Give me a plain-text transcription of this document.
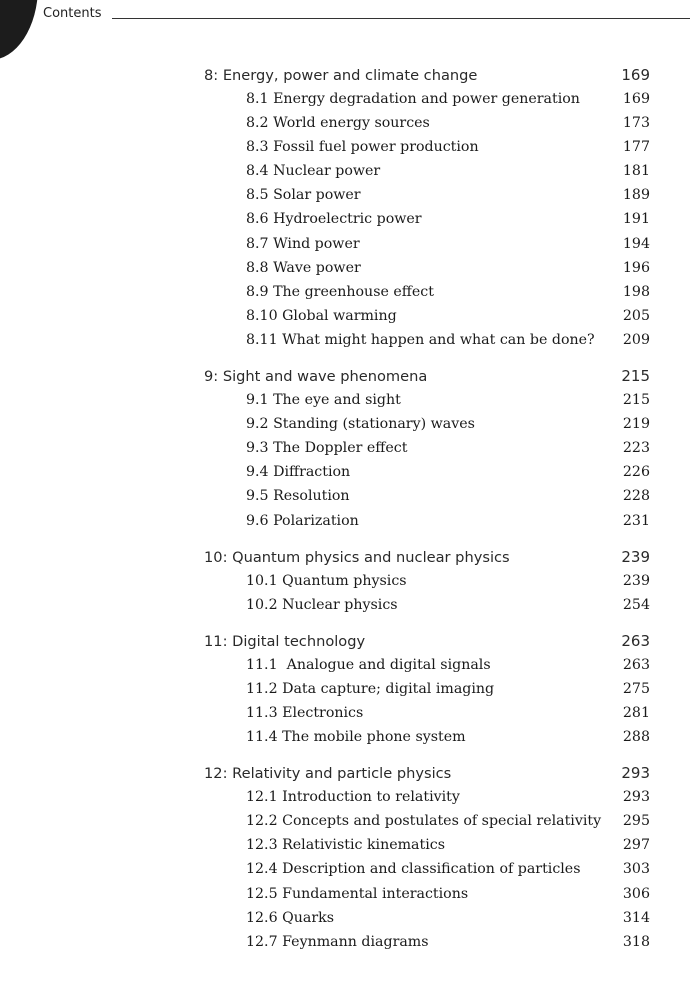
Contents
8: Energy, power and climate change	169
8.1 Energy degradation and power generation	169
8.2 World energy sources	173
8.3 Fossil fuel power production	177
8.4 Nuclear power	181
8.5 Solar power	189
8.6 Hydroelectric power	191
8.7 Wind power	194
8.8 Wave power	196
8.9 The greenhouse effect	198
8.10 Global warming	205
8.11 What might happen and what can be done? 209
9: Sight and wave phenomena	215
9.1 The eye and sight	215
9.2 Standing (stationary) waves	219
9.3 The Doppler effect	223
9.4 Diffraction	226
9.5 Resolution	228
9.6 Polarization	231
10: Quantum physics and nuclear physics	239
10.1 Quantum physics	239
10.2 Nuclear physics	254
11: Digital technology	263
11.1  Analogue and digital signals	263
11.2 Data capture; digital imaging	275
11.3 Electronics	281
11.4 The mobile phone system	288
12: Relativity and particle physics	293
12.1 Introduction to relativity	293
12.2 Concepts and postulates of special relativity 295
12.3 Relativistic kinematics	297
12.4 Description and classification of particles	303
12.5 Fundamental interactions	306
12.6 Quarks	314
12.7 Feynmann diagrams	318
